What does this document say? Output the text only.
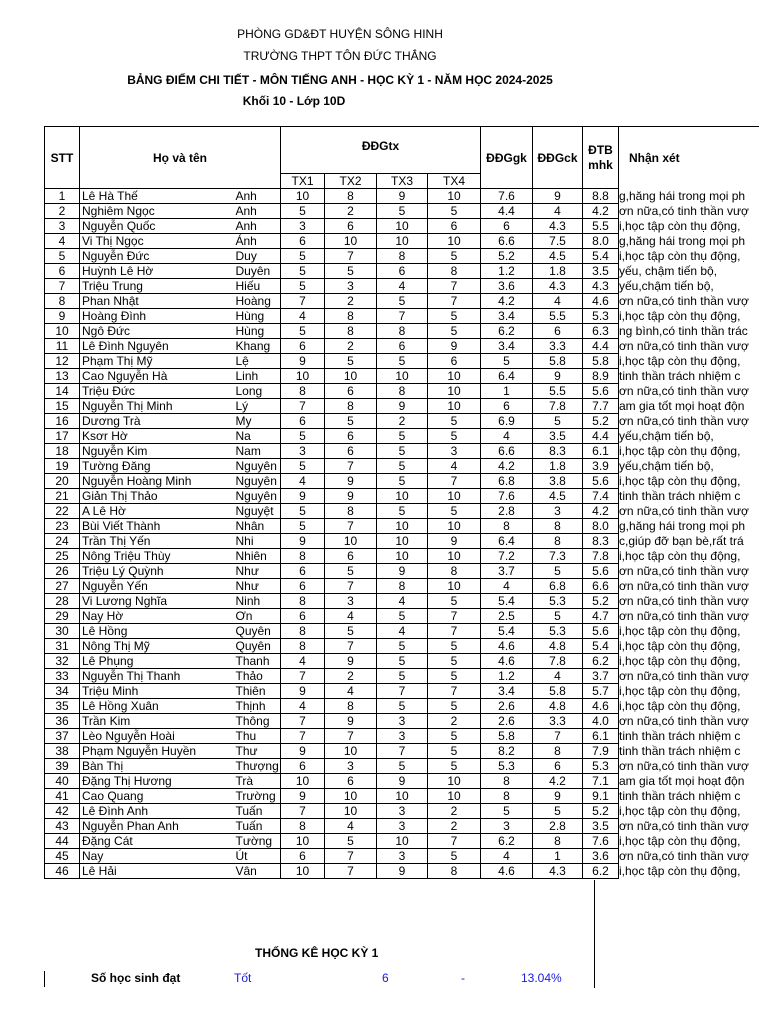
PHÒNG GD&ĐT HUYỆN SÔNG HINH
TRƯỜNG THPT TÔN ĐỨC THẮNG
BẢNG ĐIỂM CHI TIẾT - MÔN TIẾNG ANH - HỌC KỲ 1 - NĂM HỌC 2024-2025
Khối 10 - Lớp 10D
STT	Họ và tên		ĐĐGtx				ĐĐGgk	ĐĐGck	ĐTB mhk	Nhận xét
			TX1	TX2	TX3	TX4				
1	Lê Hà Thế	Anh	10	8	9	10	7.6	9	8.8	g,hăng hái trong mọi ph

2	Nghiêm Ngọc	Anh	5	2	5	5	4.4	4	4.2	ơn nữa,có tinh thần vượ

3	Nguyễn Quốc	Anh	3	6	10	6	6	4.3	5.5	i,học tập còn thụ động,

4	Vi Thị Ngọc	Ánh	6	10	10	10	6.6	7.5	8.0	g,hăng hái trong mọi ph

5	Nguyễn Đức	Duy	5	7	8	5	5.2	4.5	5.4	i,học tập còn thụ động,

6	Huỳnh Lê Hờ	Duyên	5	5	6	8	1.2	1.8	3.5	yếu, chậm tiến bộ,

7	Triệu Trung	Hiếu	5	3	4	7	3.6	4.3	4.3	yếu,chậm tiến bộ,

8	Phan Nhật	Hoàng	7	2	5	7	4.2	4	4.6	ơn nữa,có tinh thần vượ

9	Hoàng Đình	Hùng	4	8	7	5	3.4	5.5	5.3	i,học tập còn thụ động,

10	Ngô Đức	Hùng	5	8	8	5	6.2	6	6.3	ng bình,có tinh thần trác

11	Lê Đình Nguyên	Khang	6	2	6	9	3.4	3.3	4.4	ơn nữa,có tinh thần vượ

12	Phạm Thị Mỹ	Lệ	9	5	5	6	5	5.8	5.8	i,học tập còn thụ động,

13	Cao Nguyễn Hà	Linh	10	10	10	10	6.4	9	8.9	tinh thần trách nhiệm c

14	Triệu Đức	Long	8	6	8	10	1	5.5	5.6	ơn nữa,có tinh thần vượ

15	Nguyễn Thị Minh	Lý	7	8	9	10	6	7.8	7.7	am gia tốt mọi hoạt độn

16	Dương Trà	My	6	5	2	5	6.9	5	5.2	ơn nữa,có tinh thần vượ

17	Ksơr Hờ	Na	5	6	5	5	4	3.5	4.4	yếu,chậm tiến bộ,

18	Nguyễn Kim	Nam	3	6	5	3	6.6	8.3	6.1	i,học tập còn thụ động,

19	Tường Đăng	Nguyên	5	7	5	4	4.2	1.8	3.9	yếu,chậm tiến bộ,

20	Nguyễn Hoàng Minh	Nguyên	4	9	5	7	6.8	3.8	5.6	i,học tập còn thụ động,

21	Giản Thị Thảo	Nguyên	9	9	10	10	7.6	4.5	7.4	tinh thần trách nhiệm c

22	A Lê Hờ	Nguyệt	5	8	5	5	2.8	3	4.2	ơn nữa,có tinh thần vượ

23	Bùi Viết Thành	Nhân	5	7	10	10	8	8	8.0	g,hăng hái trong mọi ph

24	Trần Thị Yến	Nhi	9	10	10	9	6.4	8	8.3	c,giúp đỡ bạn bè,rất trá

25	Nông Triệu Thùy	Nhiên	8	6	10	10	7.2	7.3	7.8	i,học tập còn thụ động,

26	Triệu Lý Quỳnh	Như	6	5	9	8	3.7	5	5.6	ơn nữa,có tinh thần vượ

27	Nguyễn Yến	Như	6	7	8	10	4	6.8	6.6	ơn nữa,có tinh thần vượ

28	Vi Lương Nghĩa	Ninh	8	3	4	5	5.4	5.3	5.2	ơn nữa,có tinh thần vượ

29	Nay Hờ	Ơn	6	4	5	7	2.5	5	4.7	ơn nữa,có tinh thần vượ

30	Lê Hồng	Quyên	8	5	4	7	5.4	5.3	5.6	i,học tập còn thụ động,

31	Nông Thị Mỹ	Quyên	8	7	5	5	4.6	4.8	5.4	i,học tập còn thụ động,

32	Lê Phụng	Thanh	4	9	5	5	4.6	7.8	6.2	i,học tập còn thụ động,

33	Nguyễn Thị Thanh	Thảo	7	2	5	5	1.2	4	3.7	ơn nữa,có tinh thần vượ

34	Triệu Minh	Thiên	9	4	7	7	3.4	5.8	5.7	i,học tập còn thụ động,

35	Lê Hồng Xuân	Thịnh	4	8	5	5	2.6	4.8	4.6	i,học tập còn thụ động,

36	Trần Kim	Thông	7	9	3	2	2.6	3.3	4.0	ơn nữa,có tinh thần vượ

37	Lèo Nguyễn Hoài	Thu	7	7	3	5	5.8	7	6.1	tinh thần trách nhiệm c

38	Phạm Nguyễn Huyền	Thư	9	10	7	5	8.2	8	7.9	tinh thần trách nhiệm c

39	Bàn Thị	Thượng	6	3	5	5	5.3	6	5.3	ơn nữa,có tinh thần vượ

40	Đặng Thị Hương	Trà	10	6	9	10	8	4.2	7.1	am gia tốt mọi hoạt độn

41	Cao Quang	Trường	9	10	10	10	8	9	9.1	tinh thần trách nhiệm c

42	Lê Đình Anh	Tuấn	7	10	3	2	5	5	5.2	i,học tập còn thụ động,

43	Nguyễn Phan Anh	Tuấn	8	4	3	2	3	2.8	3.5	ơn nữa,có tinh thần vượ

44	Đặng Cát	Tường	10	5	10	7	6.2	8	7.6	i,học tập còn thụ động,

45	Nay	Út	6	7	3	5	4	1	3.6	ơn nữa,có tinh thần vượ

46	Lê Hải	Vân	10	7	9	8	4.6	4.3	6.2	i,học tập còn thụ động,
THỐNG KÊ HỌC KỲ 1
Số học sinh đạt	Tốt	6	-	13.04%
